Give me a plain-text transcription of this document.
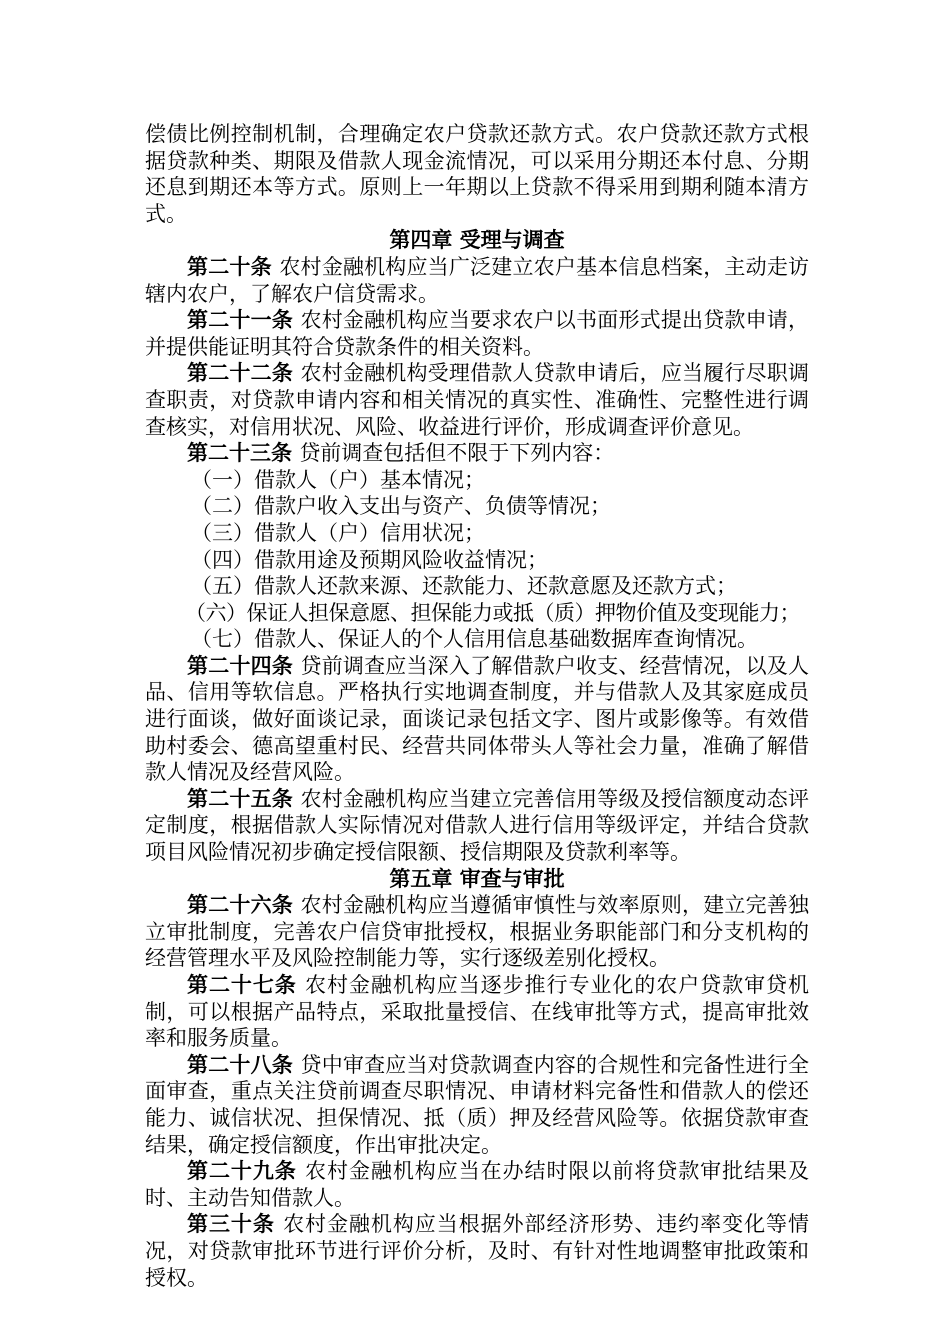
偿债比例控制机制，合理确定农户贷款还款方式。农户贷款还款方式根据贷款种类、期限及借款人现金流情况，可以采用分期还本付息、分期还息到期还本等方式。原则上一年期以上贷款不得采用到期利随本清方式。

第四章 受理与调查

第二十条 农村金融机构应当广泛建立农户基本信息档案，主动走访辖内农户，了解农户信贷需求。

第二十一条 农村金融机构应当要求农户以书面形式提出贷款申请，并提供能证明其符合贷款条件的相关资料。

第二十二条 农村金融机构受理借款人贷款申请后，应当履行尽职调查职责，对贷款申请内容和相关情况的真实性、准确性、完整性进行调查核实，对信用状况、风险、收益进行评价，形成调查评价意见。

第二十三条 贷前调查包括但不限于下列内容：

（一）借款人（户）基本情况；

（二）借款户收入支出与资产、负债等情况；

（三）借款人（户）信用状况；

（四）借款用途及预期风险收益情况；

（五）借款人还款来源、还款能力、还款意愿及还款方式；

（六）保证人担保意愿、担保能力或抵（质）押物价值及变现能力；

（七）借款人、保证人的个人信用信息基础数据库查询情况。

第二十四条 贷前调查应当深入了解借款户收支、经营情况，以及人品、信用等软信息。严格执行实地调查制度，并与借款人及其家庭成员进行面谈，做好面谈记录，面谈记录包括文字、图片或影像等。有效借助村委会、德高望重村民、经营共同体带头人等社会力量，准确了解借款人情况及经营风险。

第二十五条 农村金融机构应当建立完善信用等级及授信额度动态评定制度，根据借款人实际情况对借款人进行信用等级评定，并结合贷款项目风险情况初步确定授信限额、授信期限及贷款利率等。

第五章 审查与审批

第二十六条 农村金融机构应当遵循审慎性与效率原则，建立完善独立审批制度，完善农户信贷审批授权，根据业务职能部门和分支机构的经营管理水平及风险控制能力等，实行逐级差别化授权。

第二十七条 农村金融机构应当逐步推行专业化的农户贷款审贷机制，可以根据产品特点，采取批量授信、在线审批等方式，提高审批效率和服务质量。

第二十八条 贷中审查应当对贷款调查内容的合规性和完备性进行全面审查，重点关注贷前调查尽职情况、申请材料完备性和借款人的偿还能力、诚信状况、担保情况、抵（质）押及经营风险等。依据贷款审查结果，确定授信额度，作出审批决定。

第二十九条 农村金融机构应当在办结时限以前将贷款审批结果及时、主动告知借款人。

第三十条 农村金融机构应当根据外部经济形势、违约率变化等情况，对贷款审批环节进行评价分析，及时、有针对性地调整审批政策和授权。
